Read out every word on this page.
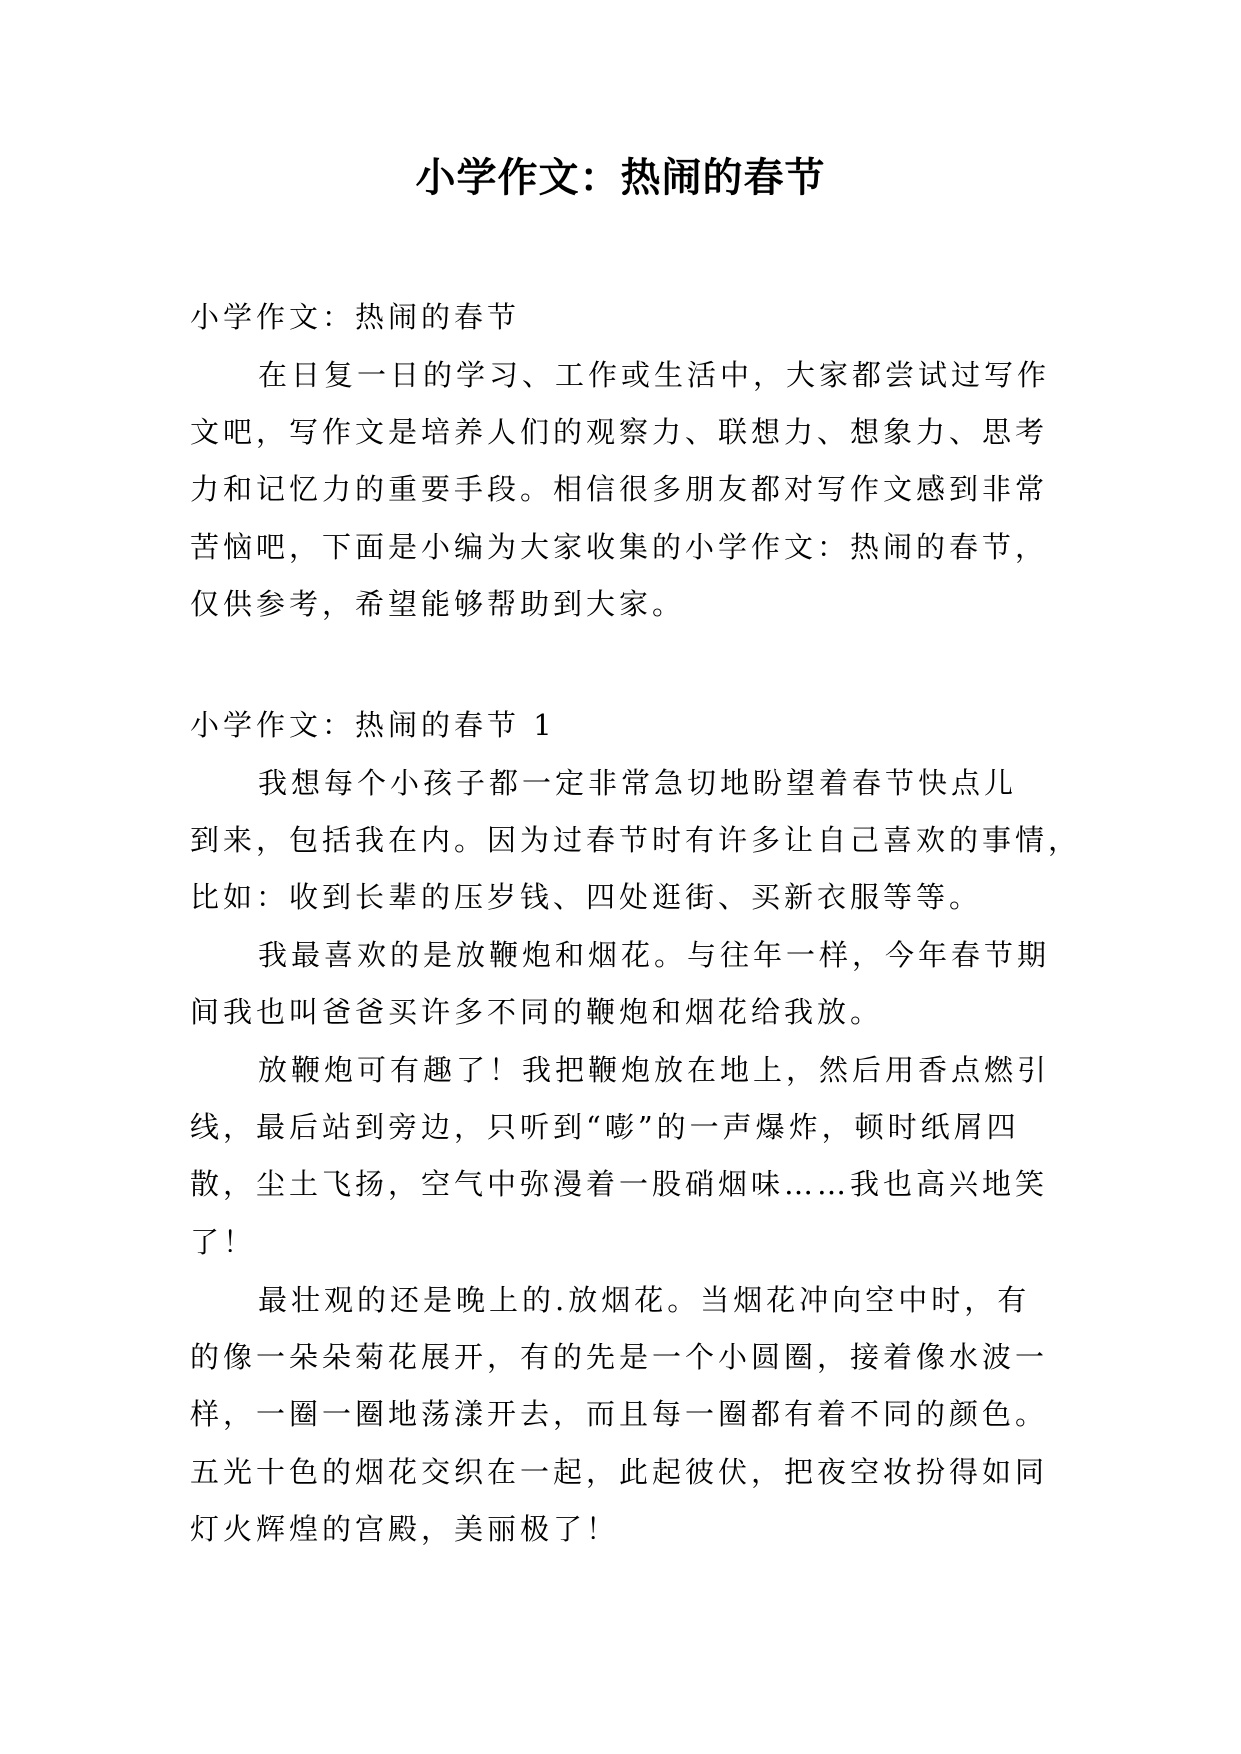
小学作文：热闹的春节
小学作文：热闹的春节
在日复一日的学习、工作或生活中，大家都尝试过写作
文吧，写作文是培养人们的观察力、联想力、想象力、思考
力和记忆力的重要手段。相信很多朋友都对写作文感到非常
苦恼吧，下面是小编为大家收集的小学作文：热闹的春节，
仅供参考，希望能够帮助到大家。
小学作文：热闹的春节 1
我想每个小孩子都一定非常急切地盼望着春节快点儿
到来，包括我在内。因为过春节时有许多让自己喜欢的事情，
比如：收到长辈的压岁钱、四处逛街、买新衣服等等。
我最喜欢的是放鞭炮和烟花。与往年一样，今年春节期
间我也叫爸爸买许多不同的鞭炮和烟花给我放。
放鞭炮可有趣了！我把鞭炮放在地上，然后用香点燃引
线，最后站到旁边，只听到“嘭”的一声爆炸，顿时纸屑四
散，尘土飞扬，空气中弥漫着一股硝烟味……我也高兴地笑
了！
最壮观的还是晚上的.放烟花。当烟花冲向空中时，有
的像一朵朵菊花展开，有的先是一个小圆圈，接着像水波一
样，一圈一圈地荡漾开去，而且每一圈都有着不同的颜色。
五光十色的烟花交织在一起，此起彼伏，把夜空妆扮得如同
灯火辉煌的宫殿，美丽极了！
